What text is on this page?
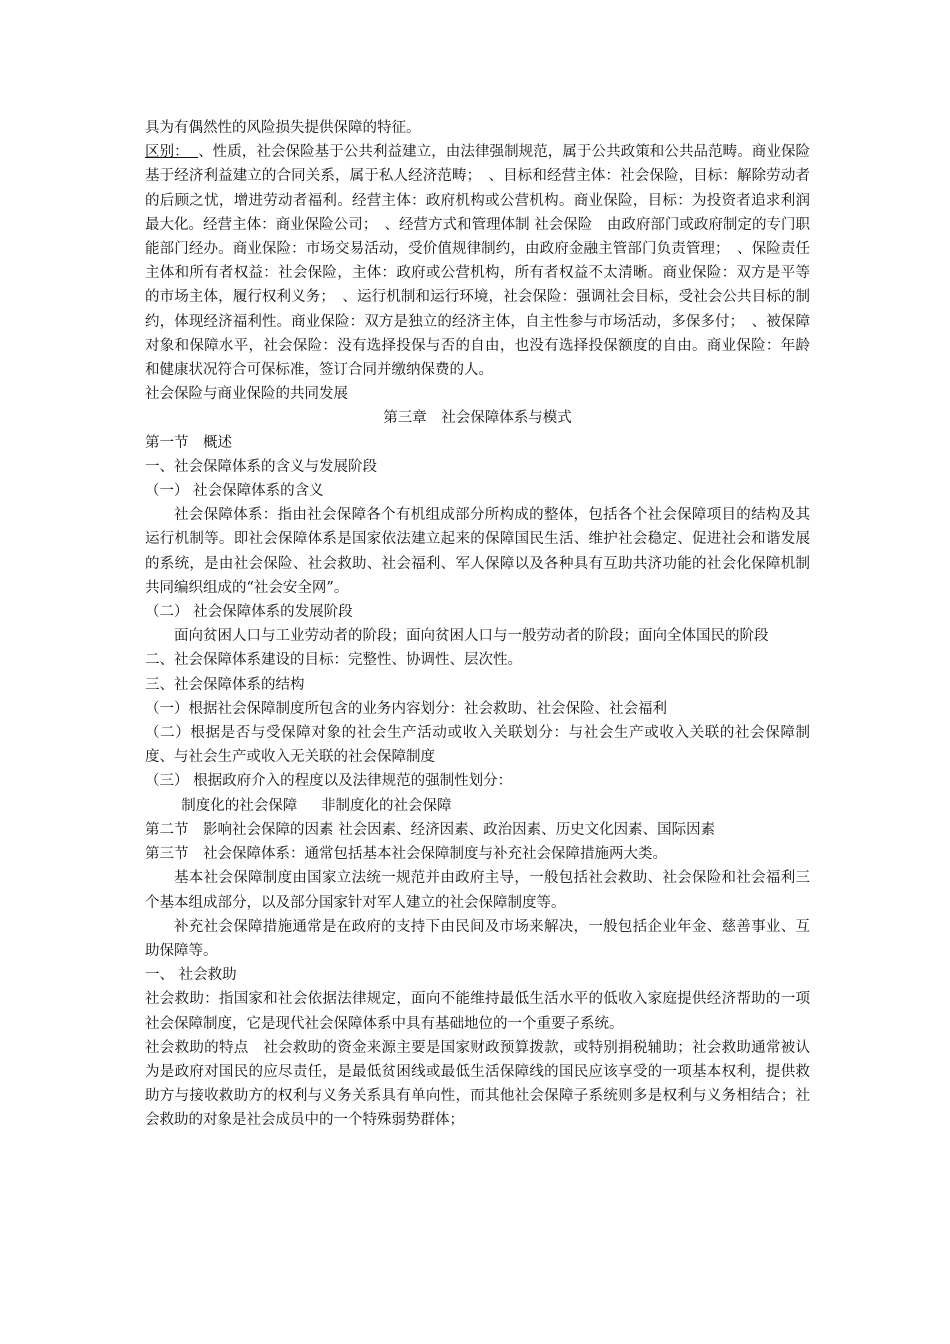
具为有偶然性的风险损失提供保障的特征。

区别： 、性质，社会保险基于公共利益建立，由法律强制规范，属于公共政策和公共品范畴。商业保险基于经济利益建立的合同关系，属于私人经济范畴；　、目标和经营主体：社会保险，目标：解除劳动者的后顾之忧，增进劳动者福利。经营主体：政府机构或公营机构。商业保险，目标：为投资者追求利润最大化。经营主体：商业保险公司；　、经营方式和管理体制 社会保险　由政府部门或政府制定的专门职能部门经办。商业保险：市场交易活动，受价值规律制约，由政府金融主管部门负责管理；　、保险责任主体和所有者权益：社会保险，主体：政府或公营机构，所有者权益不太清晰。商业保险：双方是平等的市场主体，履行权利义务；　、运行机制和运行环境，社会保险：强调社会目标，受社会公共目标的制约，体现经济福利性。商业保险：双方是独立的经济主体，自主性参与市场活动，多保多付；　、被保障对象和保障水平，社会保险：没有选择投保与否的自由，也没有选择投保额度的自由。商业保险：年龄和健康状况符合可保标准，签订合同并缴纳保费的人。

社会保险与商业保险的共同发展

第三章　社会保障体系与模式

第一节　概述

一、社会保障体系的含义与发展阶段

（一） 社会保障体系的含义

社会保障体系：指由社会保障各个有机组成部分所构成的整体，包括各个社会保障项目的结构及其运行机制等。即社会保障体系是国家依法建立起来的保障国民生活、维护社会稳定、促进社会和谐发展的系统，是由社会保险、社会救助、社会福利、军人保障以及各种具有互助共济功能的社会化保障机制共同编织组成的“社会安全网”。

（二） 社会保障体系的发展阶段

面向贫困人口与工业劳动者的阶段；面向贫困人口与一般劳动者的阶段；面向全体国民的阶段

二、社会保障体系建设的目标：完整性、协调性、层次性。

三、社会保障体系的结构

（一）根据社会保障制度所包含的业务内容划分：社会救助、社会保险、社会福利

（二）根据是否与受保障对象的社会生产活动或收入关联划分：与社会生产或收入关联的社会保障制度、与社会生产或收入无关联的社会保障制度

（三） 根据政府介入的程度以及法律规范的强制性划分：

制度化的社会保障　  非制度化的社会保障

第二节　影响社会保障的因素 社会因素、经济因素、政治因素、历史文化因素、国际因素

第三节　社会保障体系：通常包括基本社会保障制度与补充社会保障措施两大类。

基本社会保障制度由国家立法统一规范并由政府主导，一般包括社会救助、社会保险和社会福利三个基本组成部分，以及部分国家针对军人建立的社会保障制度等。

补充社会保障措施通常是在政府的支持下由民间及市场来解决，一般包括企业年金、慈善事业、互助保障等。

一、 社会救助

社会救助：指国家和社会依据法律规定，面向不能维持最低生活水平的低收入家庭提供经济帮助的一项社会保障制度，它是现代社会保障体系中具有基础地位的一个重要子系统。

社会救助的特点　社会救助的资金来源主要是国家财政预算拨款，或特别捐税辅助；社会救助通常被认为是政府对国民的应尽责任，是最低贫困线或最低生活保障线的国民应该享受的一项基本权利，提供救助方与接收救助方的权利与义务关系具有单向性，而其他社会保障子系统则多是权利与义务相结合；社会救助的对象是社会成员中的一个特殊弱势群体；
